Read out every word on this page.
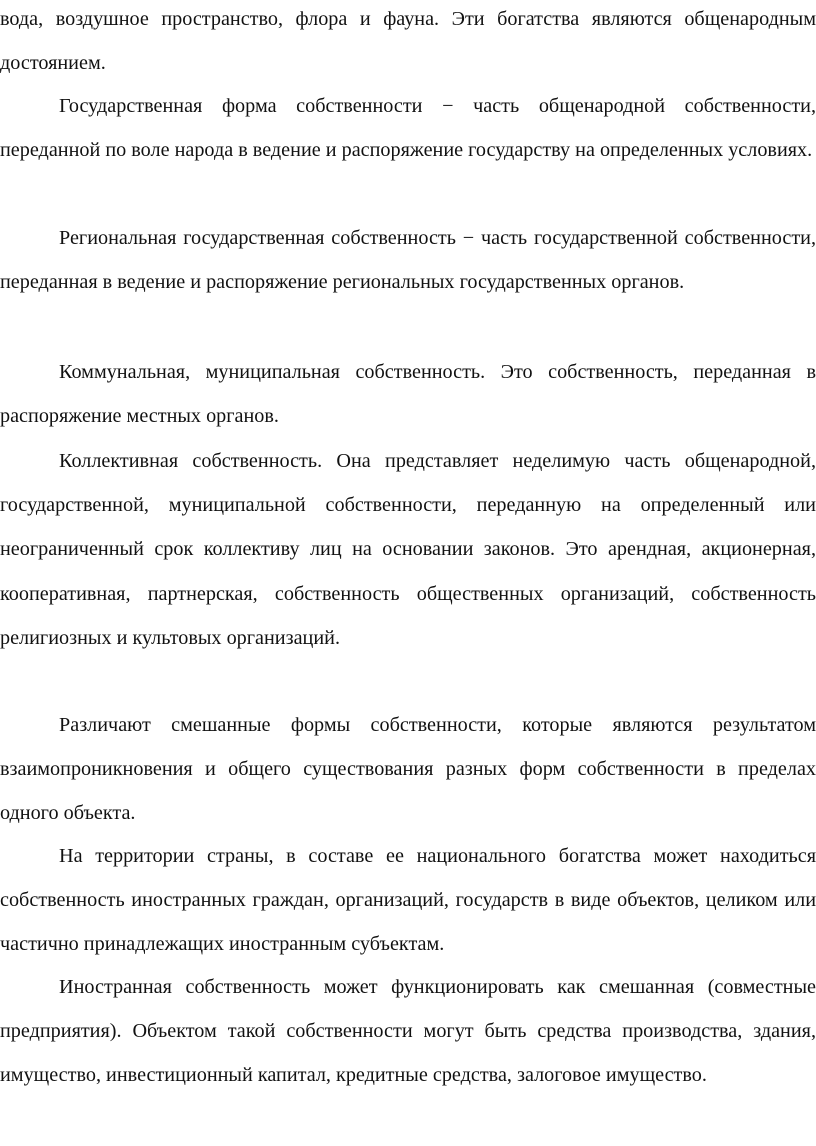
вода, воздушное пространство, флора и фауна. Эти богатства являются общенародным достоянием.

Государственная форма собственности − часть общенародной собственности, переданной по воле народа в ведение и распоряжение государству на определенных условиях.

Региональная государственная собственность − часть государственной собственности, переданная в ведение и распоряжение региональных государственных органов.

Коммунальная, муниципальная собственность. Это собственность, переданная в распоряжение местных органов.

Коллективная собственность. Она представляет неделимую часть общенародной, государственной, муниципальной собственности, переданную на определенный или неограниченный срок коллективу лиц на основании законов. Это арендная, акционерная, кооперативная, партнерская, собственность общественных организаций, собственность религиозных и культовых организаций.

Различают смешанные формы собственности, которые являются результатом взаимопроникновения и общего существования разных форм собственности в пределах одного объекта.

На территории страны, в составе ее национального богатства может находиться собственность иностранных граждан, организаций, государств в виде объектов, целиком или частично принадлежащих иностранным субъектам.

Иностранная собственность может функционировать как смешанная (совместные предприятия). Объектом такой собственности могут быть средства производства, здания, имущество, инвестиционный капитал, кредитные средства, залоговое имущество.
